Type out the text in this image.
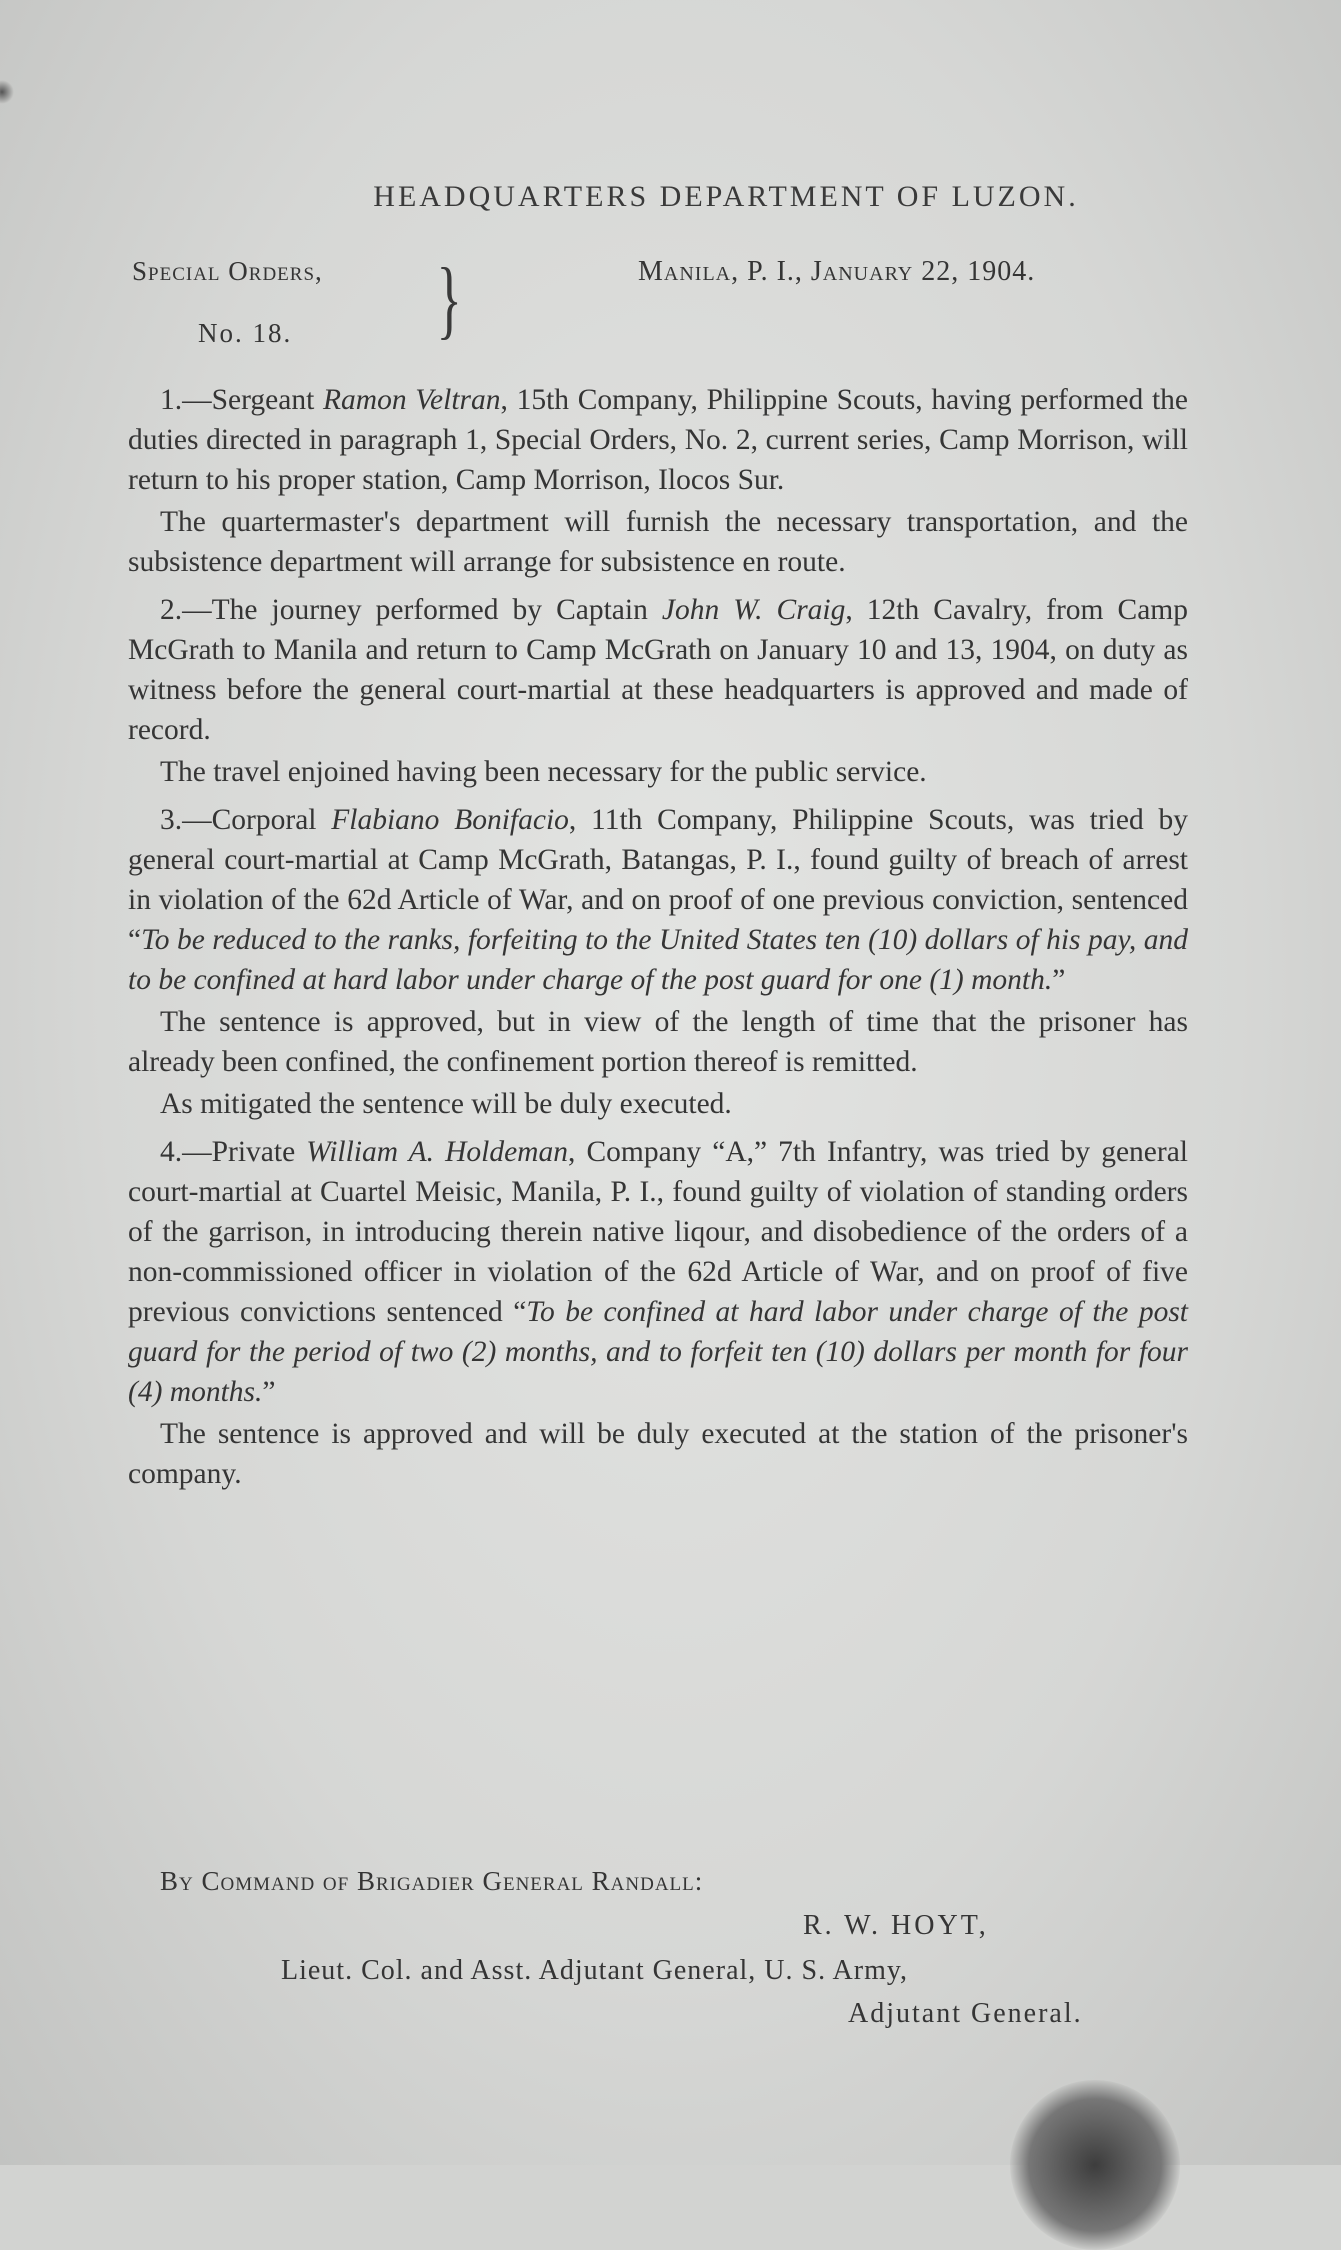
HEADQUARTERS DEPARTMENT OF LUZON.
Special Orders,
No. 18. }	Manila, P. I., January 22, 1904.

1.—Sergeant Ramon Veltran, 15th Company, Philippine Scouts, having performed the duties directed in paragraph 1, Special Orders, No. 2, current series, Camp Morrison, will return to his proper station, Camp Morrison, Ilocos Sur.

The quartermaster's department will furnish the necessary transportation, and the subsistence department will arrange for subsistence en route.

2.—The journey performed by Captain John W. Craig, 12th Cavalry, from Camp McGrath to Manila and return to Camp McGrath on January 10 and 13, 1904, on duty as witness before the general court-martial at these headquarters is approved and made of record.

The travel enjoined having been necessary for the public service.

3.—Corporal Flabiano Bonifacio, 11th Company, Philippine Scouts, was tried by general court-martial at Camp McGrath, Batangas, P. I., found guilty of breach of arrest in violation of the 62d Article of War, and on proof of one previous conviction, sentenced “To be reduced to the ranks, forfeiting to the United States ten (10) dollars of his pay, and to be confined at hard labor under charge of the post guard for one (1) month.”

The sentence is approved, but in view of the length of time that the prisoner has already been confined, the confinement portion thereof is remitted.

As mitigated the sentence will be duly executed.

4.—Private William A. Holdeman, Company “A,” 7th Infantry, was tried by general court-martial at Cuartel Meisic, Manila, P. I., found guilty of violation of standing orders of the garrison, in introducing therein native liqour, and disobedience of the orders of a non-commissioned officer in violation of the 62d Article of War, and on proof of five previous convictions sentenced “To be confined at hard labor under charge of the post guard for the period of two (2) months, and to forfeit ten (10) dollars per month for four (4) months.”

The sentence is approved and will be duly executed at the station of the prisoner's company.

By Command of Brigadier General Randall:
R. W. HOYT,
Lieut. Col. and Asst. Adjutant General, U. S. Army,
Adjutant General.
